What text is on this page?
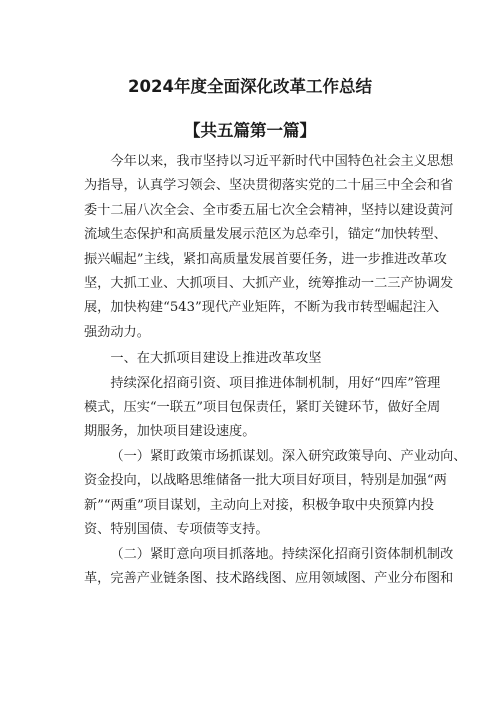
2024年度全面深化改革工作总结
【共五篇第一篇】

今年以来，我市坚持以习近平新时代中国特色社会主义思想
为指导，认真学习领会、坚决贯彻落实党的二十届三中全会和省
委十二届八次全会、全市委五届七次全会精神，坚持以建设黄河
流域生态保护和高质量发展示范区为总牵引，锚定“加快转型、
振兴崛起”主线，紧扣高质量发展首要任务，进一步推进改革攻
坚，大抓工业、大抓项目、大抓产业，统筹推动一二三产协调发
展，加快构建“543”现代产业矩阵，不断为我市转型崛起注入
强劲动力。

一、在大抓项目建设上推进改革攻坚

持续深化招商引资、项目推进体制机制，用好“四库”管理
模式，压实“一联五”项目包保责任，紧盯关键环节，做好全周
期服务，加快项目建设速度。

（一）紧盯政策市场抓谋划。深入研究政策导向、产业动向、
资金投向，以战略思维储备一批大项目好项目，特别是加强“两
新”“两重”项目谋划，主动向上对接，积极争取中央预算内投
资、特别国债、专项债等支持。

（二）紧盯意向项目抓落地。持续深化招商引资体制机制改
革，完善产业链条图、技术路线图、应用领域图、产业分布图和
